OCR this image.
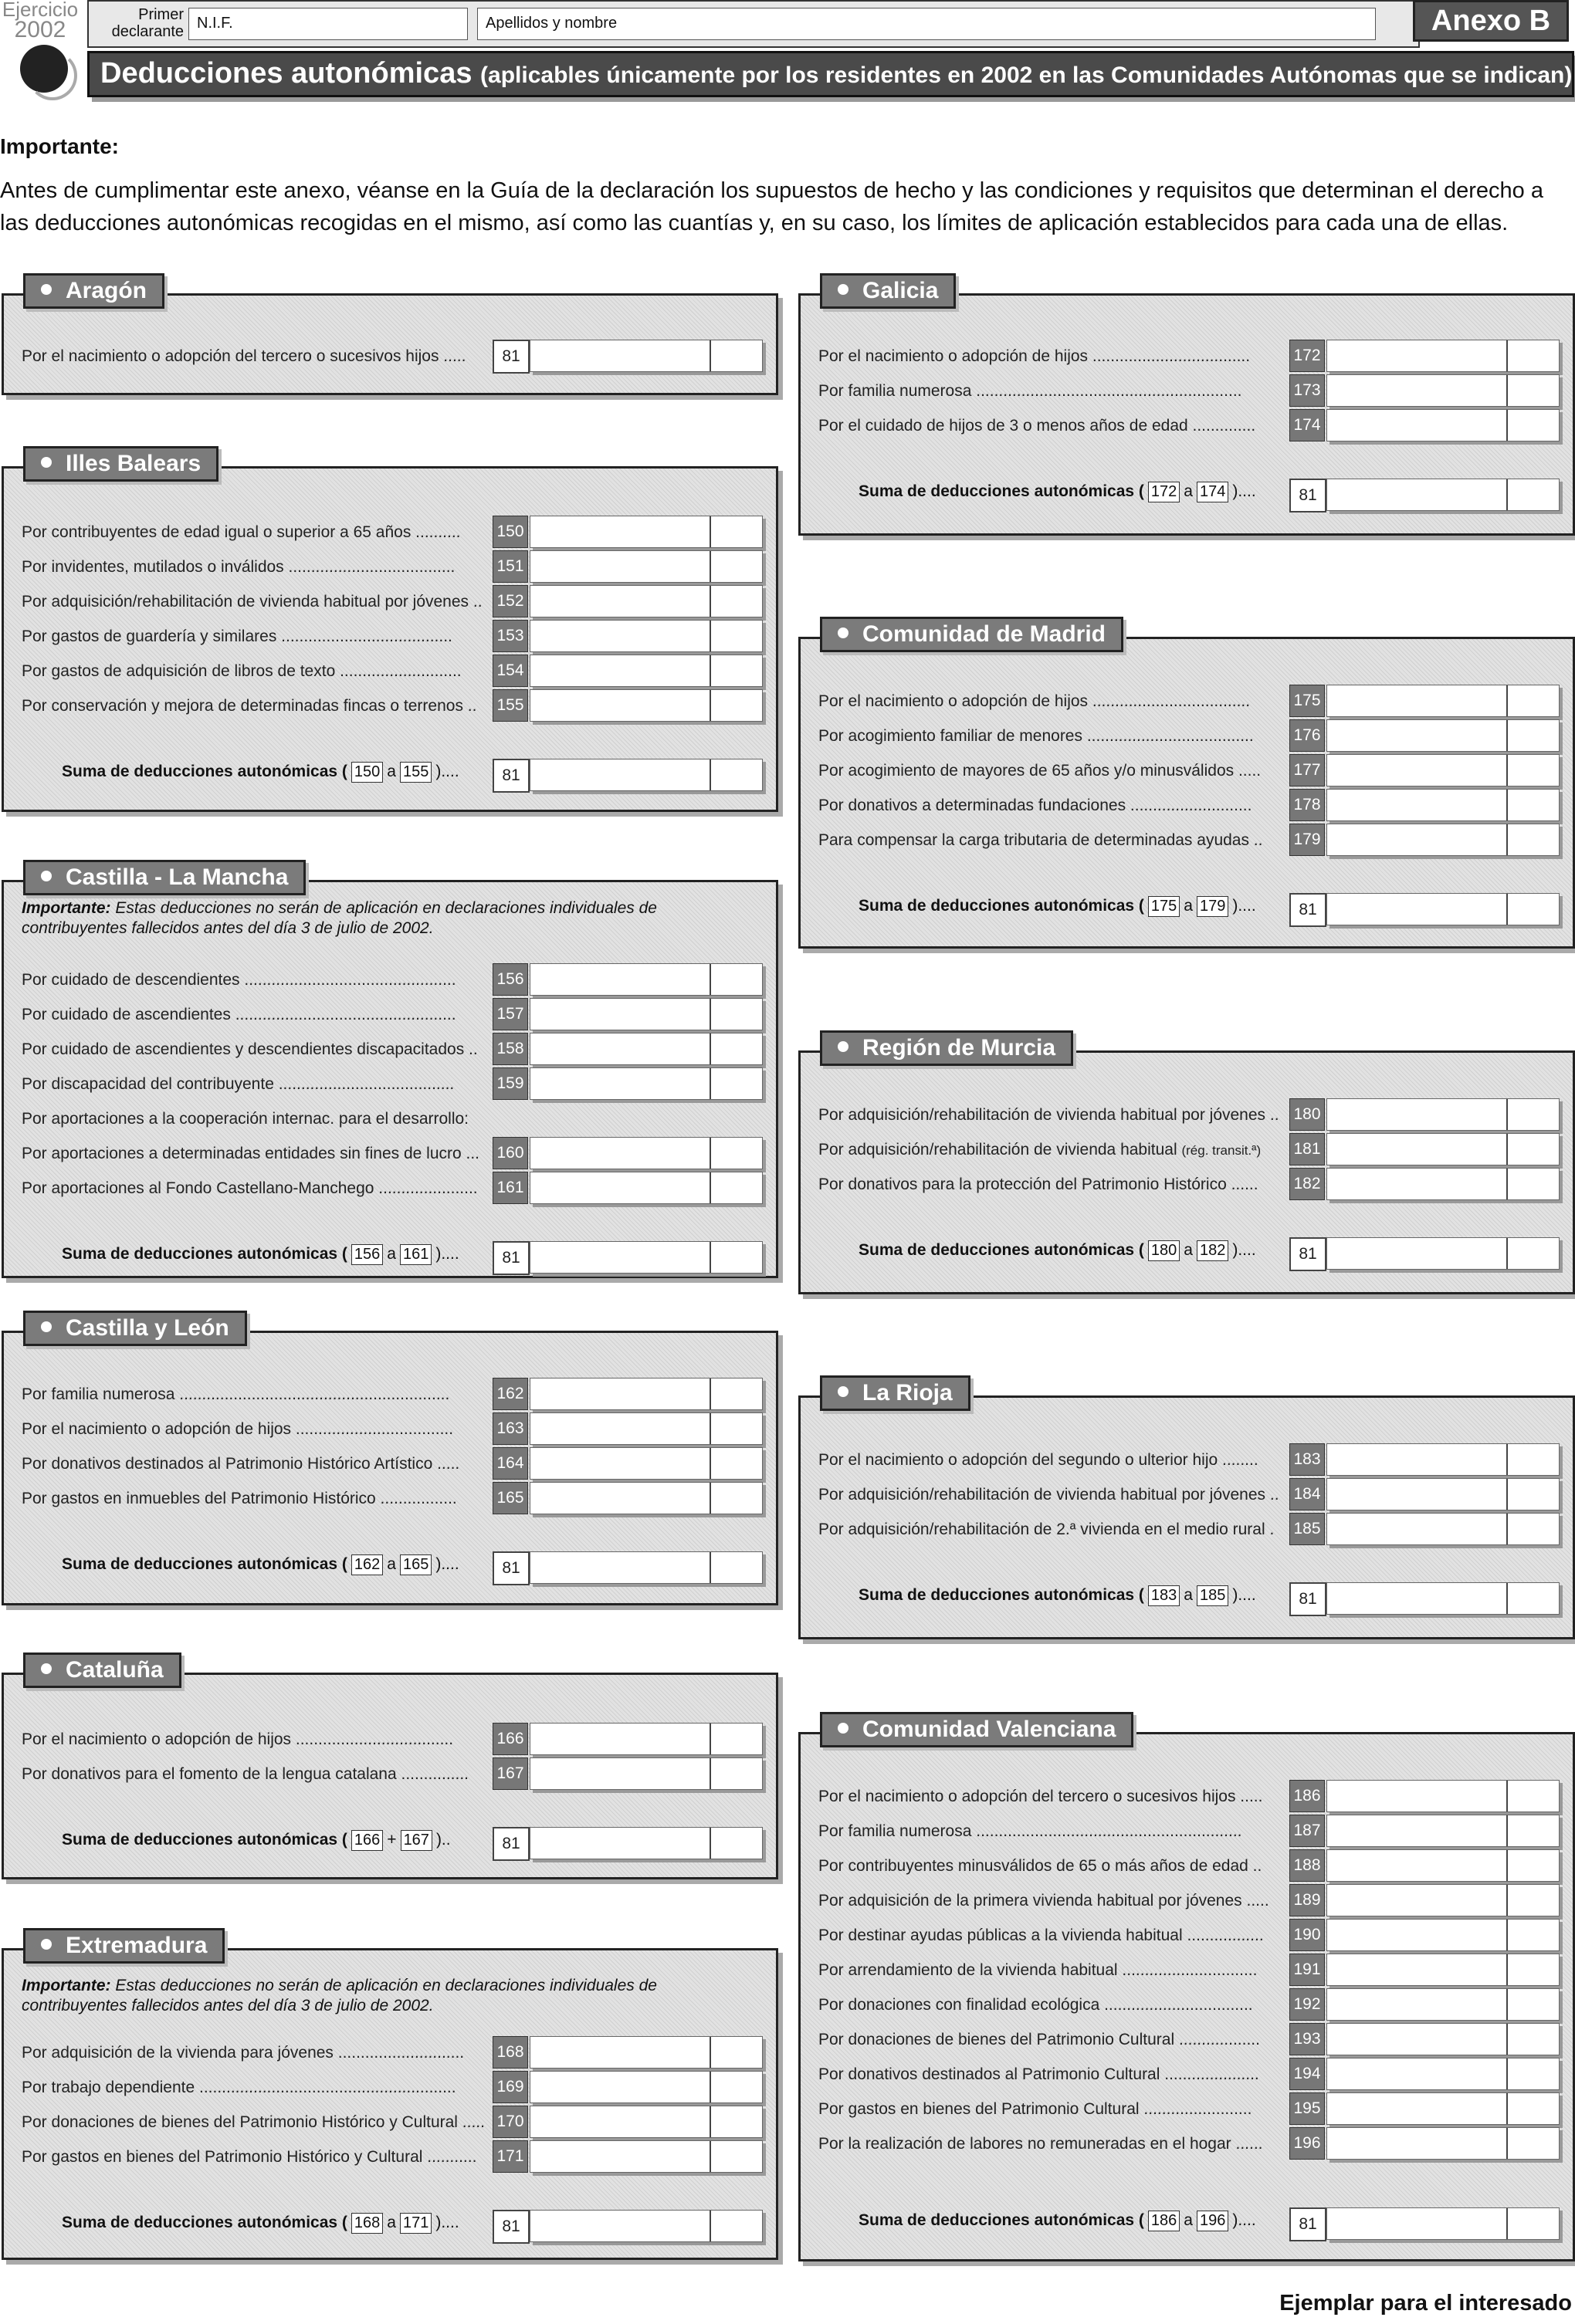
Ejercicio
2002
Primer
declarante N.I.F.	Apellidos y nombre	Anexo B
Deducciones autonómicas (aplicables únicamente por los residentes en 2002 en las Comunidades Autónomas que se indican)
Importante:
Antes de cumplimentar este anexo, véanse en la Guía de la declaración los supuestos de hecho y las condiciones y requisitos que determinan el derecho a las deducciones autonómicas recogidas en el mismo, así como las cuantías y, en su caso, los límites de aplicación establecidos para cada una de ellas.
Aragón
Por el nacimiento o adopción del tercero o sucesivos hijos .....	81
Illes Balears
Por contribuyentes de edad igual o superior a 65 años .......... 150
Por invidentes, mutilados o inválidos .....................................	151
Por adquisición/rehabilitación de vivienda habitual por jóvenes .. 152
Por gastos de guardería y similares ......................................	153
Por gastos de adquisición de libros de texto ........................... 154
Por conservación y mejora de determinadas fincas o terrenos .. 155
Suma de deducciones autonómicas ( 150 a 155 )....	81
Castilla - La Mancha
Importante: Estas deducciones no serán de aplicación en declaraciones individuales de contribuyentes fallecidos antes del día 3 de julio de 2002.
Por cuidado de descendientes ...............................................	156
Por cuidado de ascendientes .................................................	157
Por cuidado de ascendientes y descendientes discapacitados .. 158
Por discapacidad del contribuyente .......................................	159
Por aportaciones a la cooperación internac. para el desarrollo:
Por aportaciones a determinadas entidades sin fines de lucro ... 160
Por aportaciones al Fondo Castellano-Manchego ...................... 161
Suma de deducciones autonómicas ( 156 a 161 )....	81
Castilla y León
Por familia numerosa ............................................................	162
Por el nacimiento o adopción de hijos ...................................	163
Por donativos destinados al Patrimonio Histórico Artístico ..... 164
Por gastos en inmuebles del Patrimonio Histórico ................. 165
Suma de deducciones autonómicas ( 162 a 165 )....	81
Cataluña
Por el nacimiento o adopción de hijos ...................................	166
Por donativos para el fomento de la lengua catalana ............... 167
Suma de deducciones autonómicas ( 166 + 167 )..	81
Extremadura
Importante: Estas deducciones no serán de aplicación en declaraciones individuales de contribuyentes fallecidos antes del día 3 de julio de 2002.
Por adquisición de la vivienda para jóvenes ............................ 168
Por trabajo dependiente .........................................................	169
Por donaciones de bienes del Patrimonio Histórico y Cultural ..... 170
Por gastos en bienes del Patrimonio Histórico y Cultural ........... 171
Suma de deducciones autonómicas ( 168 a 171 )....	81
Galicia
Por el nacimiento o adopción de hijos ...................................	172
Por familia numerosa ...........................................................	173
Por el cuidado de hijos de 3 o menos años de edad .............. 174
Suma de deducciones autonómicas ( 172 a 174 )....	81
Comunidad de Madrid
Por el nacimiento o adopción de hijos ...................................	175
Por acogimiento familiar de menores ..................................... 176
Por acogimiento de mayores de 65 años y/o minusválidos ..... 177
Por donativos a determinadas fundaciones ...........................	178
Para compensar la carga tributaria de determinadas ayudas .. 179
Suma de deducciones autonómicas ( 175 a 179 )....	81
Región de Murcia
Por adquisición/rehabilitación de vivienda habitual por jóvenes .. 180
Por adquisición/rehabilitación de vivienda habitual (rég. transit.ª) 181
Por donativos para la protección del Patrimonio Histórico ...... 182
Suma de deducciones autonómicas ( 180 a 182 )....	81
La Rioja
Por el nacimiento o adopción del segundo o ulterior hijo ........ 183
Por adquisición/rehabilitación de vivienda habitual por jóvenes .. 184
Por adquisición/rehabilitación de 2.ª vivienda en el medio rural . 185
Suma de deducciones autonómicas ( 183 a 185 )....	81
Comunidad Valenciana
Por el nacimiento o adopción del tercero o sucesivos hijos ..... 186
Por familia numerosa ...........................................................	187
Por contribuyentes minusválidos de 65 o más años de edad .. 188
Por adquisición de la primera vivienda habitual por jóvenes ..... 189
Por destinar ayudas públicas a la vivienda habitual ................. 190
Por arrendamiento de la vivienda habitual .............................. 191
Por donaciones con finalidad ecológica .................................	192
Por donaciones de bienes del Patrimonio Cultural .................. 193
Por donativos destinados al Patrimonio Cultural ..................... 194
Por gastos en bienes del Patrimonio Cultural ........................	195
Por la realización de labores no remuneradas en el hogar ...... 196
Suma de deducciones autonómicas ( 186 a 196 )....	81
Ejemplar para el interesado
